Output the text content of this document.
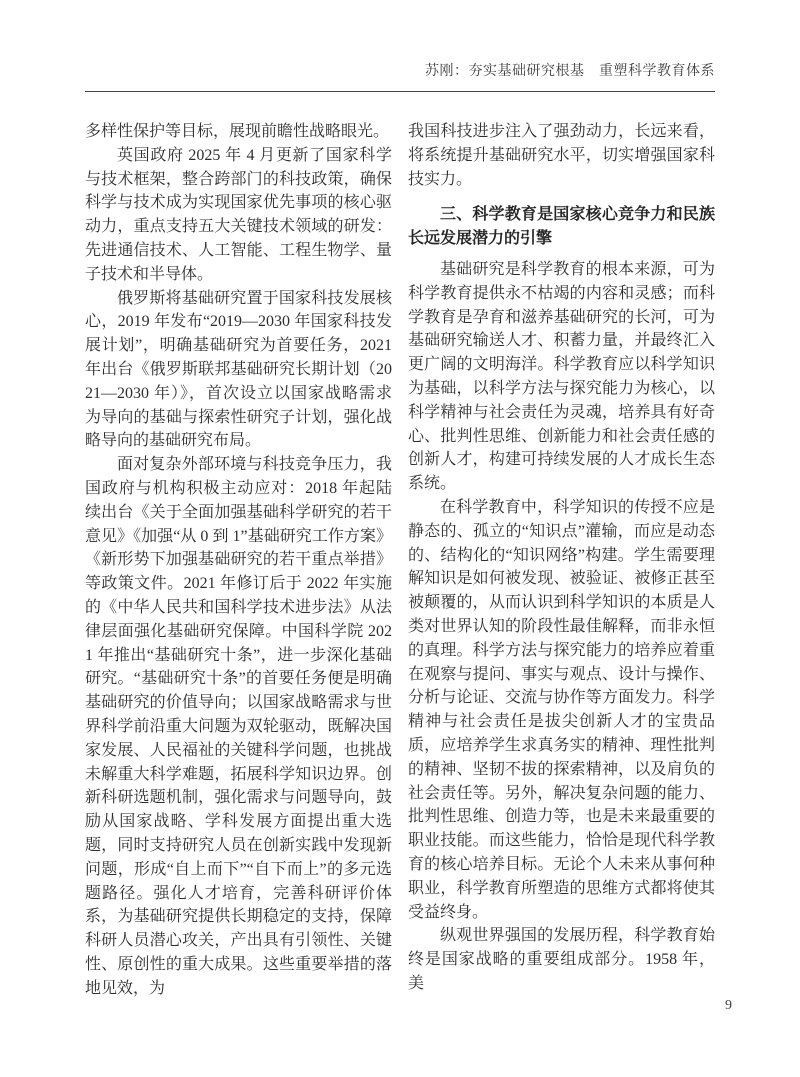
苏刚：夯实基础研究根基　重塑科学教育体系

多样性保护等目标，展现前瞻性战略眼光。

英国政府 2025 年 4 月更新了国家科学与技术框架，整合跨部门的科技政策，确保科学与技术成为实现国家优先事项的核心驱动力，重点支持五大关键技术领域的研发：先进通信技术、人工智能、工程生物学、量子技术和半导体。

俄罗斯将基础研究置于国家科技发展核心，2019 年发布“2019—2030 年国家科技发展计划”，明确基础研究为首要任务，2021 年出台《俄罗斯联邦基础研究长期计划（2021—2030 年）》，首次设立以国家战略需求为导向的基础与探索性研究子计划，强化战略导向的基础研究布局。

面对复杂外部环境与科技竞争压力，我国政府与机构积极主动应对：2018 年起陆续出台《关于全面加强基础科学研究的若干意见》《加强“从 0 到 1”基础研究工作方案》《新形势下加强基础研究的若干重点举措》等政策文件。2021 年修订后于 2022 年实施的《中华人民共和国科学技术进步法》从法律层面强化基础研究保障。中国科学院 2021 年推出“基础研究十条”，进一步深化基础研究。“基础研究十条”的首要任务便是明确基础研究的价值导向；以国家战略需求与世界科学前沿重大问题为双轮驱动，既解决国家发展、人民福祉的关键科学问题，也挑战未解重大科学难题，拓展科学知识边界。创新科研选题机制，强化需求与问题导向，鼓励从国家战略、学科发展方面提出重大选题，同时支持研究人员在创新实践中发现新问题，形成“自上而下”“自下而上”的多元选题路径。强化人才培育，完善科研评价体系，为基础研究提供长期稳定的支持，保障科研人员潜心攻关，产出具有引领性、关键性、原创性的重大成果。这些重要举措的落地见效，为

我国科技进步注入了强劲动力，长远来看，将系统提升基础研究水平，切实增强国家科技实力。

三、科学教育是国家核心竞争力和民族长远发展潜力的引擎

基础研究是科学教育的根本来源，可为科学教育提供永不枯竭的内容和灵感；而科学教育是孕育和滋养基础研究的长河，可为基础研究输送人才、积蓄力量，并最终汇入更广阔的文明海洋。科学教育应以科学知识为基础，以科学方法与探究能力为核心，以科学精神与社会责任为灵魂，培养具有好奇心、批判性思维、创新能力和社会责任感的创新人才，构建可持续发展的人才成长生态系统。

在科学教育中，科学知识的传授不应是静态的、孤立的“知识点”灌输，而应是动态的、结构化的“知识网络”构建。学生需要理解知识是如何被发现、被验证、被修正甚至被颠覆的，从而认识到科学知识的本质是人类对世界认知的阶段性最佳解释，而非永恒的真理。科学方法与探究能力的培养应着重在观察与提问、事实与观点、设计与操作、分析与论证、交流与协作等方面发力。科学精神与社会责任是拔尖创新人才的宝贵品质，应培养学生求真务实的精神、理性批判的精神、坚韧不拔的探索精神，以及肩负的社会责任等。另外，解决复杂问题的能力、批判性思维、创造力等，也是未来最重要的职业技能。而这些能力，恰恰是现代科学教育的核心培养目标。无论个人未来从事何种职业，科学教育所塑造的思维方式都将使其受益终身。

纵观世界强国的发展历程，科学教育始终是国家战略的重要组成部分。1958 年，美

9
